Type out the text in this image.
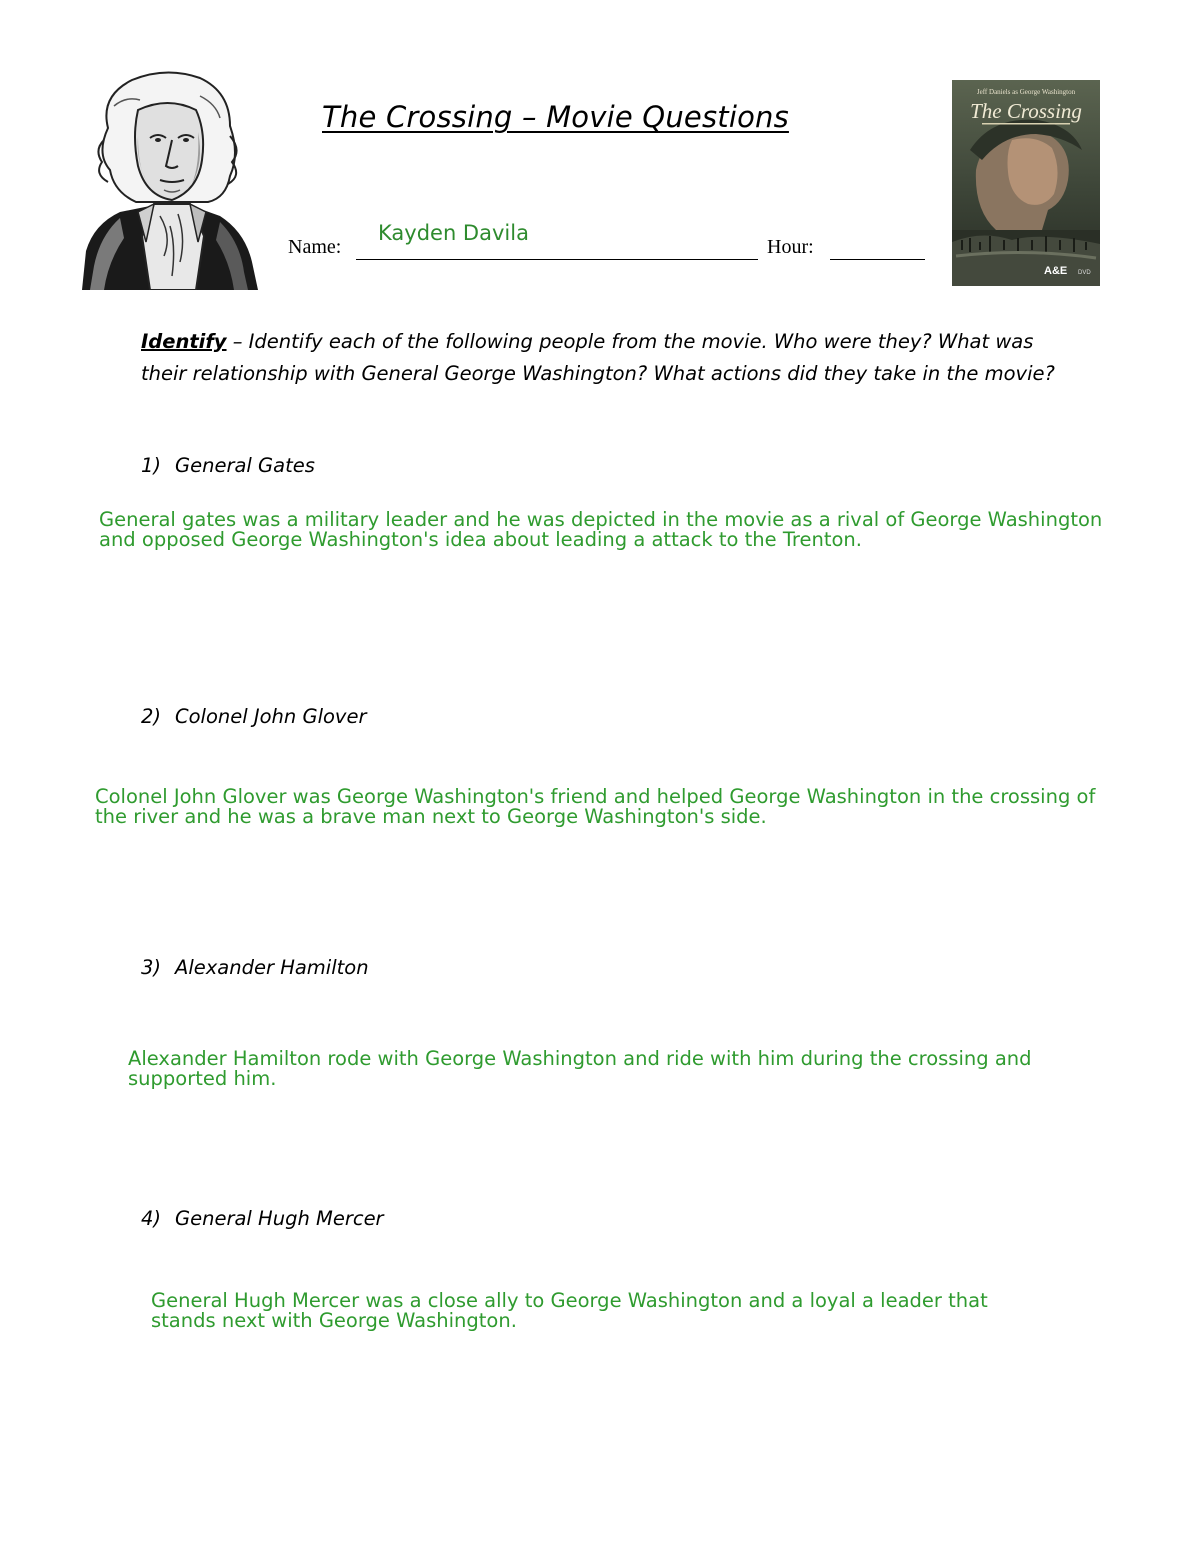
The Crossing – Movie Questions
Name:
Kayden Davila
Hour:
Jeff Daniels as George Washington
The Crossing
A&E DVD
Identify – Identify each of the following people from the movie. Who were they? What was their relationship with General George Washington? What actions did they take in the movie?
1) General Gates
General gates was a military leader and he was depicted in the movie as a rival of George Washington and opposed George Washington's idea about leading a attack to the Trenton.
2) Colonel John Glover
Colonel John Glover was George Washington's friend and helped George Washington in the crossing of the river and he was a brave man next to George Washington's side.
3) Alexander Hamilton
Alexander Hamilton rode with George Washington and ride with him during the crossing and supported him.
4) General Hugh Mercer
General Hugh Mercer was a close ally to George Washington and a loyal a leader that stands next with George Washington.
